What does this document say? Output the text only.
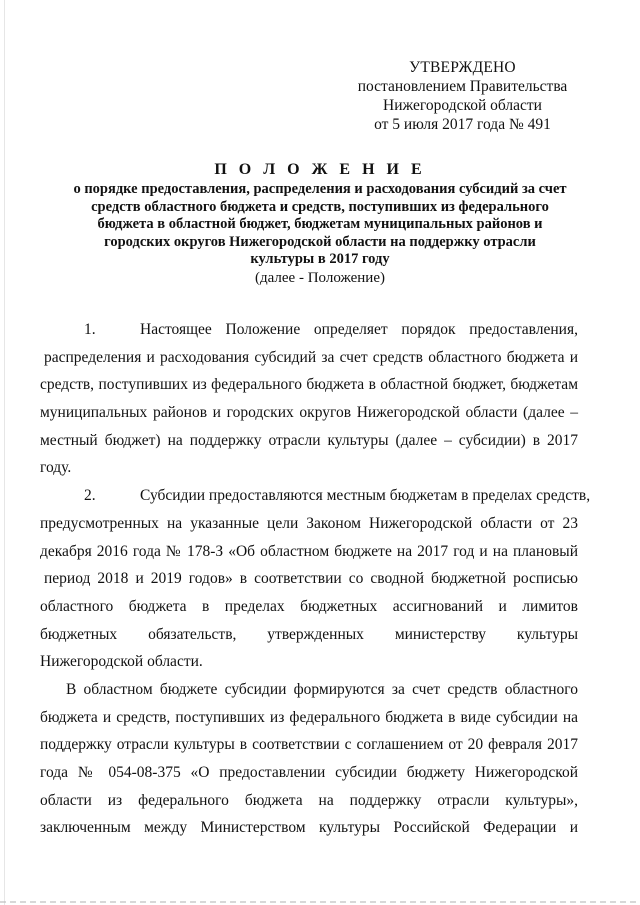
УТВЕРЖДЕНО
постановлением Правительства
Нижегородской области
от 5 июля 2017 года № 491
П О Л О Ж Е Н И Е
о порядке предоставления, распределения и расходования субсидий за счет
средств областного бюджета и средств, поступивших из федерального
бюджета в областной бюджет, бюджетам муниципальных районов и
городских округов Нижегородской области на поддержку отрасли
культуры в 2017 году
(далее - Положение)
1.	Настоящее Положение определяет порядок предоставления,
распределения и расходования субсидий за счет средств областного бюджета и
средств, поступивших из федерального бюджета в областной бюджет, бюджетам
муниципальных районов и городских округов Нижегородской области (далее –
местный бюджет) на поддержку отрасли культуры (далее – субсидии) в 2017
году.
2.	Субсидии предоставляются местным бюджетам в пределах средств,
предусмотренных на указанные цели Законом Нижегородской области от 23
декабря 2016 года № 178-З «Об областном бюджете на 2017 год и на плановый
период 2018 и 2019 годов» в соответствии со сводной бюджетной росписью
областного бюджета в пределах бюджетных ассигнований и лимитов
бюджетных обязательств, утвержденных министерству культуры
Нижегородской области.
В областном бюджете субсидии формируются за счет средств областного
бюджета и средств, поступивших из федерального бюджета в виде субсидии на
поддержку отрасли культуры в соответствии с соглашением от 20 февраля 2017
года № 054-08-375 «О предоставлении субсидии бюджету Нижегородской
области из федерального бюджета на поддержку отрасли культуры»,
заключенным между Министерством культуры Российской Федерации и
